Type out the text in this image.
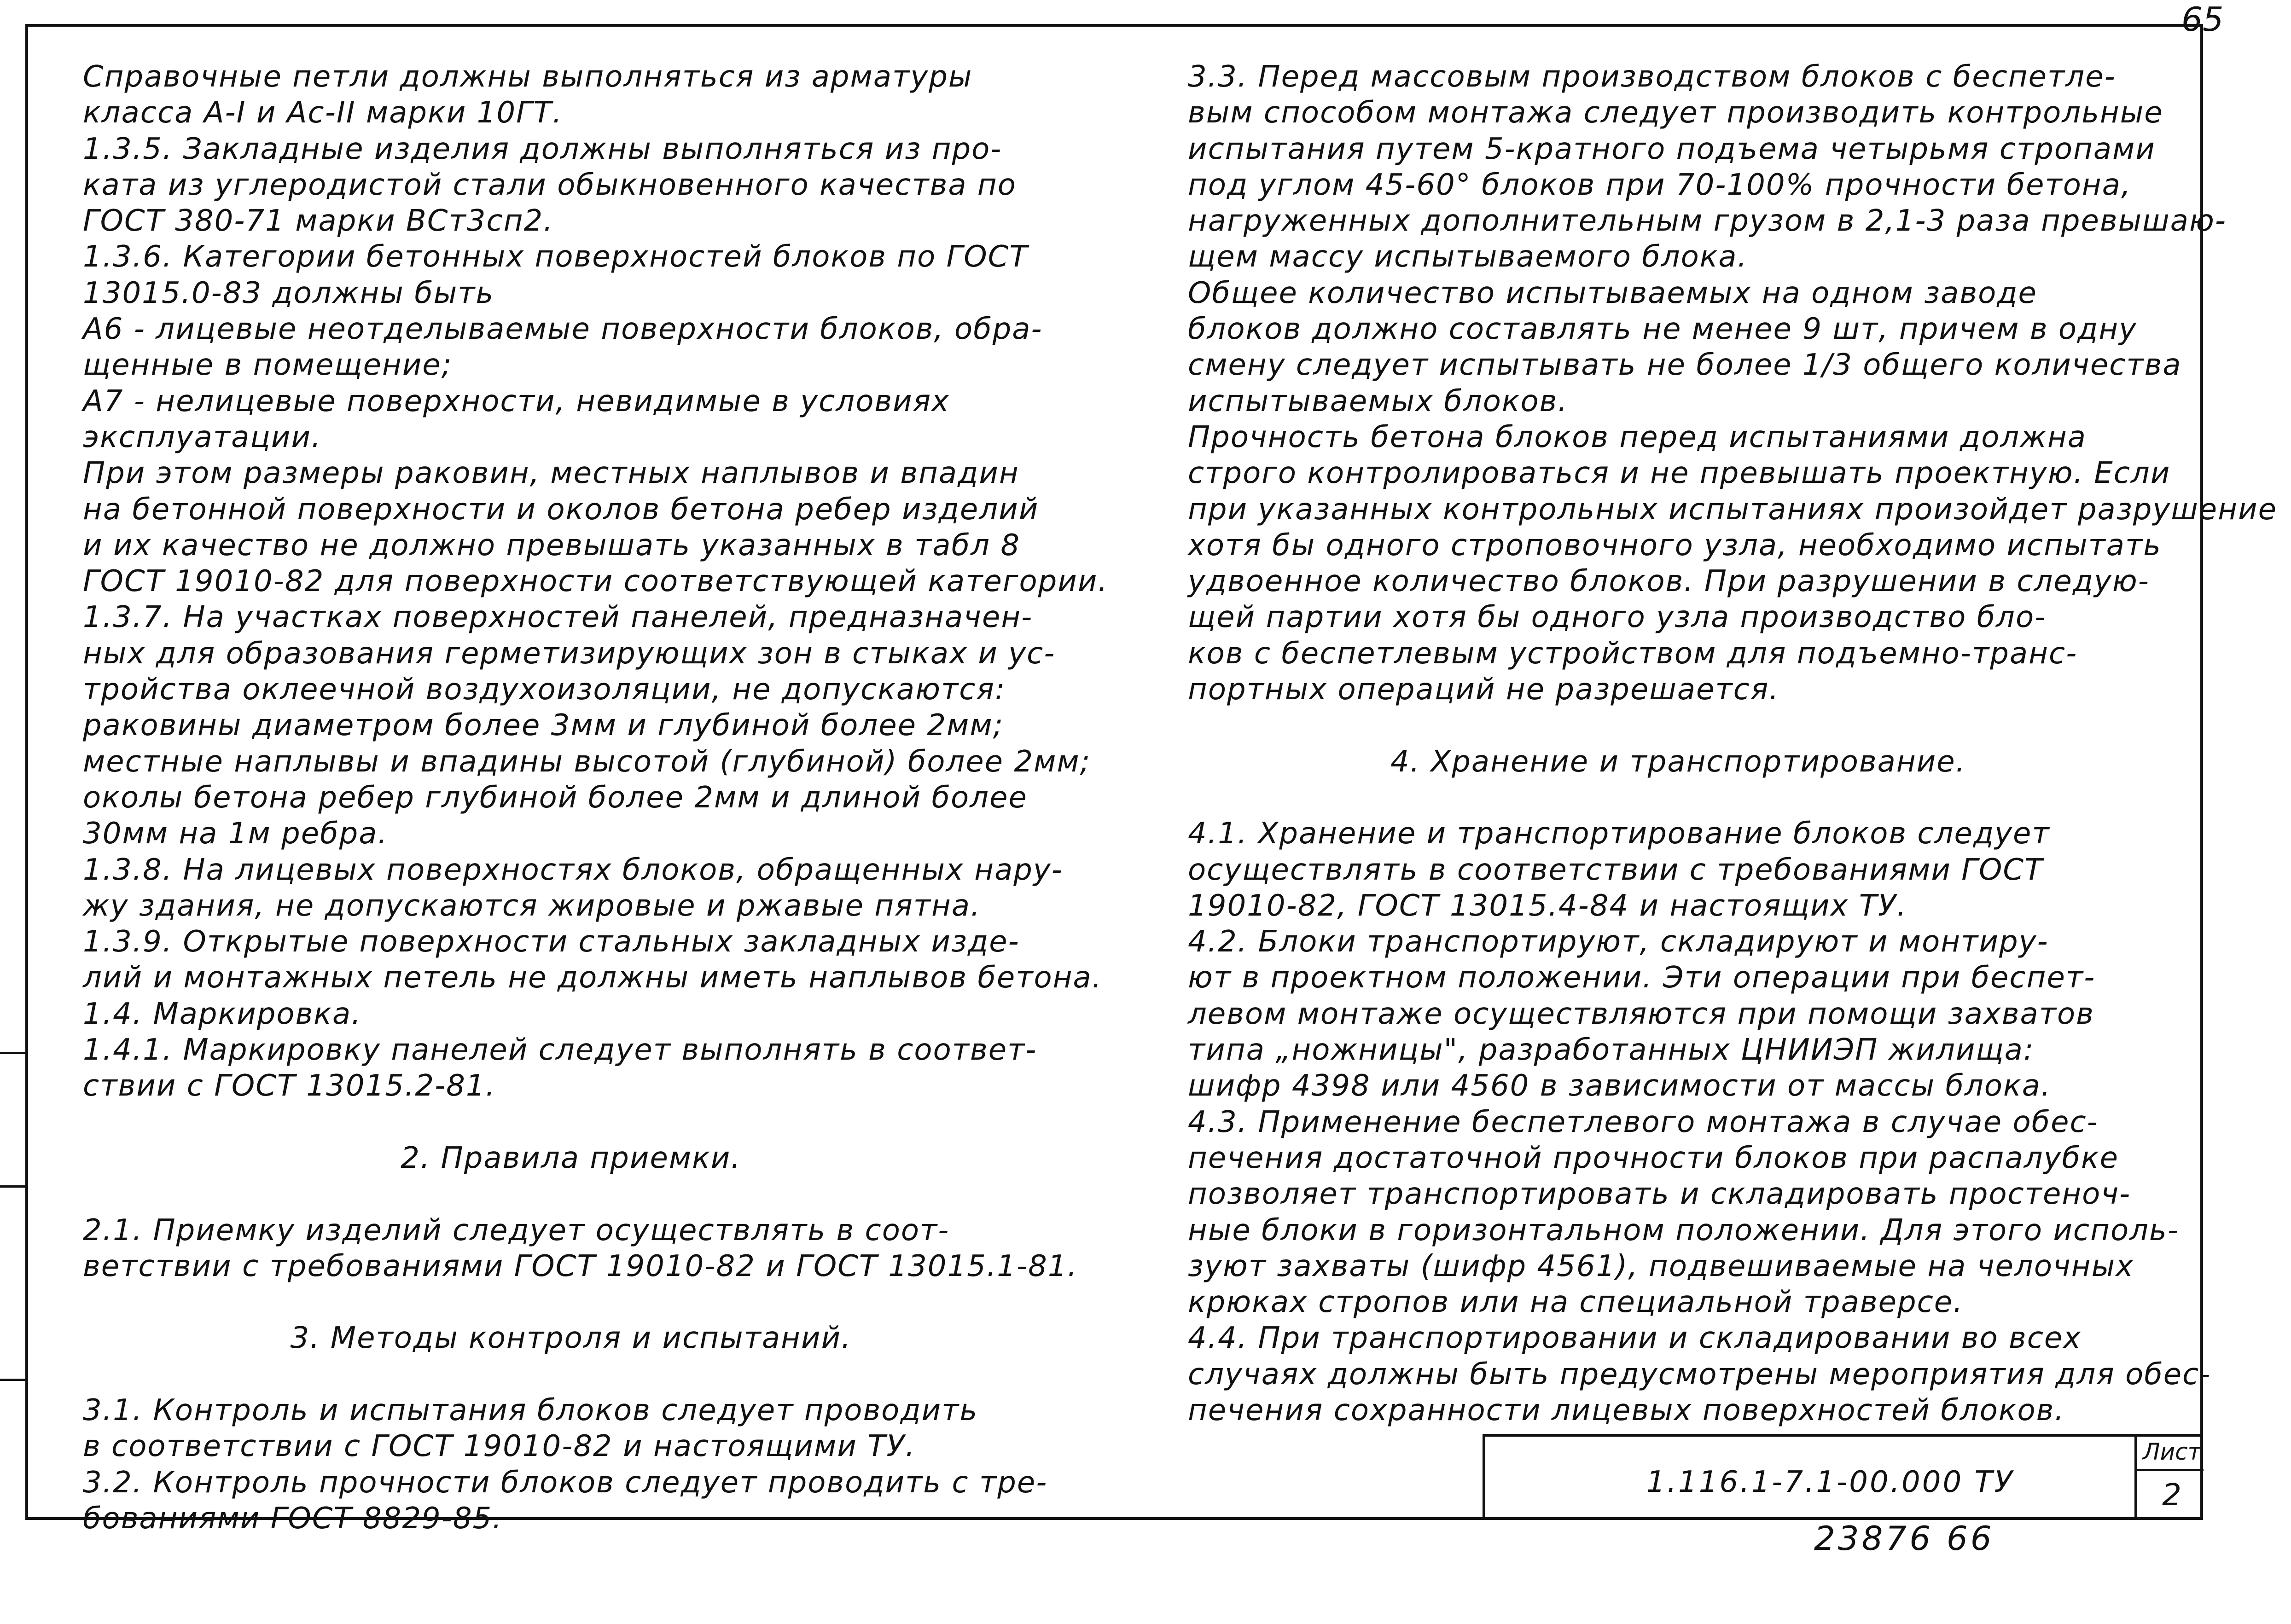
65
Справочные петли должны выполняться из арматуры
класса А-I и Ас-II марки 10ГТ.
1.3.5. Закладные изделия должны выполняться из про-
ката из углеродистой стали обыкновенного качества по
ГОСТ 380-71 марки ВСт3сп2.
1.3.6. Категории бетонных поверхностей блоков по ГОСТ
13015.0-83 должны быть
А6 - лицевые неотделываемые поверхности блоков, обра-
щенные в помещение;
А7 - нелицевые поверхности, невидимые в условиях
эксплуатации.
При этом размеры раковин, местных наплывов и впадин
на бетонной поверхности и околов бетона ребер изделий
и их качество не должно превышать указанных в табл 8
ГОСТ 19010-82 для поверхности соответствующей категории.
1.3.7. На участках поверхностей панелей, предназначен-
ных для образования герметизирующих зон в стыках и ус-
тройства оклеечной воздухоизоляции, не допускаются:
раковины диаметром более 3мм и глубиной более 2мм;
местные наплывы и впадины высотой (глубиной) более 2мм;
околы бетона ребер глубиной более 2мм и длиной более
30мм на 1м ребра.
1.3.8. На лицевых поверхностях блоков, обращенных нару-
жу здания, не допускаются жировые и ржавые пятна.
1.3.9. Открытые поверхности стальных закладных изде-
лий и монтажных петель не должны иметь наплывов бетона.
1.4. Маркировка.
1.4.1. Маркировку панелей следует выполнять в соответ-
ствии с ГОСТ 13015.2-81.
2. Правила приемки.
2.1. Приемку изделий следует осуществлять в соот-
ветствии с требованиями ГОСТ 19010-82 и ГОСТ 13015.1-81.
3. Методы контроля и испытаний.
3.1. Контроль и испытания блоков следует проводить
в соответствии с ГОСТ 19010-82 и настоящими ТУ.
3.2. Контроль прочности блоков следует проводить с тре-
бованиями ГОСТ 8829-85.
3.3. Перед массовым производством блоков с беспетле-
вым способом монтажа следует производить контрольные
испытания путем 5-кратного подъема четырьмя стропами
под углом 45-60° блоков при 70-100% прочности бетона,
нагруженных дополнительным грузом в 2,1-3 раза превышаю-
щем массу испытываемого блока.
Общее количество испытываемых на одном заводе
блоков должно составлять не менее 9 шт, причем в одну
смену следует испытывать не более 1/3 общего количества
испытываемых блоков.
Прочность бетона блоков перед испытаниями должна
строго контролироваться и не превышать проектную. Если
при указанных контрольных испытаниях произойдет разрушение
хотя бы одного строповочного узла, необходимо испытать
удвоенное количество блоков. При разрушении в следую-
щей партии хотя бы одного узла производство бло-
ков с беспетлевым устройством для подъемно-транс-
портных операций не разрешается.
4. Хранение и транспортирование.
4.1. Хранение и транспортирование блоков следует
осуществлять в соответствии с требованиями ГОСТ
19010-82, ГОСТ 13015.4-84 и настоящих ТУ.
4.2. Блоки транспортируют, складируют и монтиру-
ют в проектном положении. Эти операции при беспет-
левом монтаже осуществляются при помощи захватов
типа „ножницы", разработанных ЦНИИЭП жилища:
шифр 4398 или 4560 в зависимости от массы блока.
4.3. Применение беспетлевого монтажа в случае обес-
печения достаточной прочности блоков при распалубке
позволяет транспортировать и складировать простеноч-
ные блоки в горизонтальном положении. Для этого исполь-
зуют захваты (шифр 4561), подвешиваемые на челочных
крюках стропов или на специальной траверсе.
4.4. При транспортировании и складировании во всех
случаях должны быть предусмотрены мероприятия для обес-
печения сохранности лицевых поверхностей блоков.
1.116.1-7.1-00.000 ТУ
Лист
2
23876 66
